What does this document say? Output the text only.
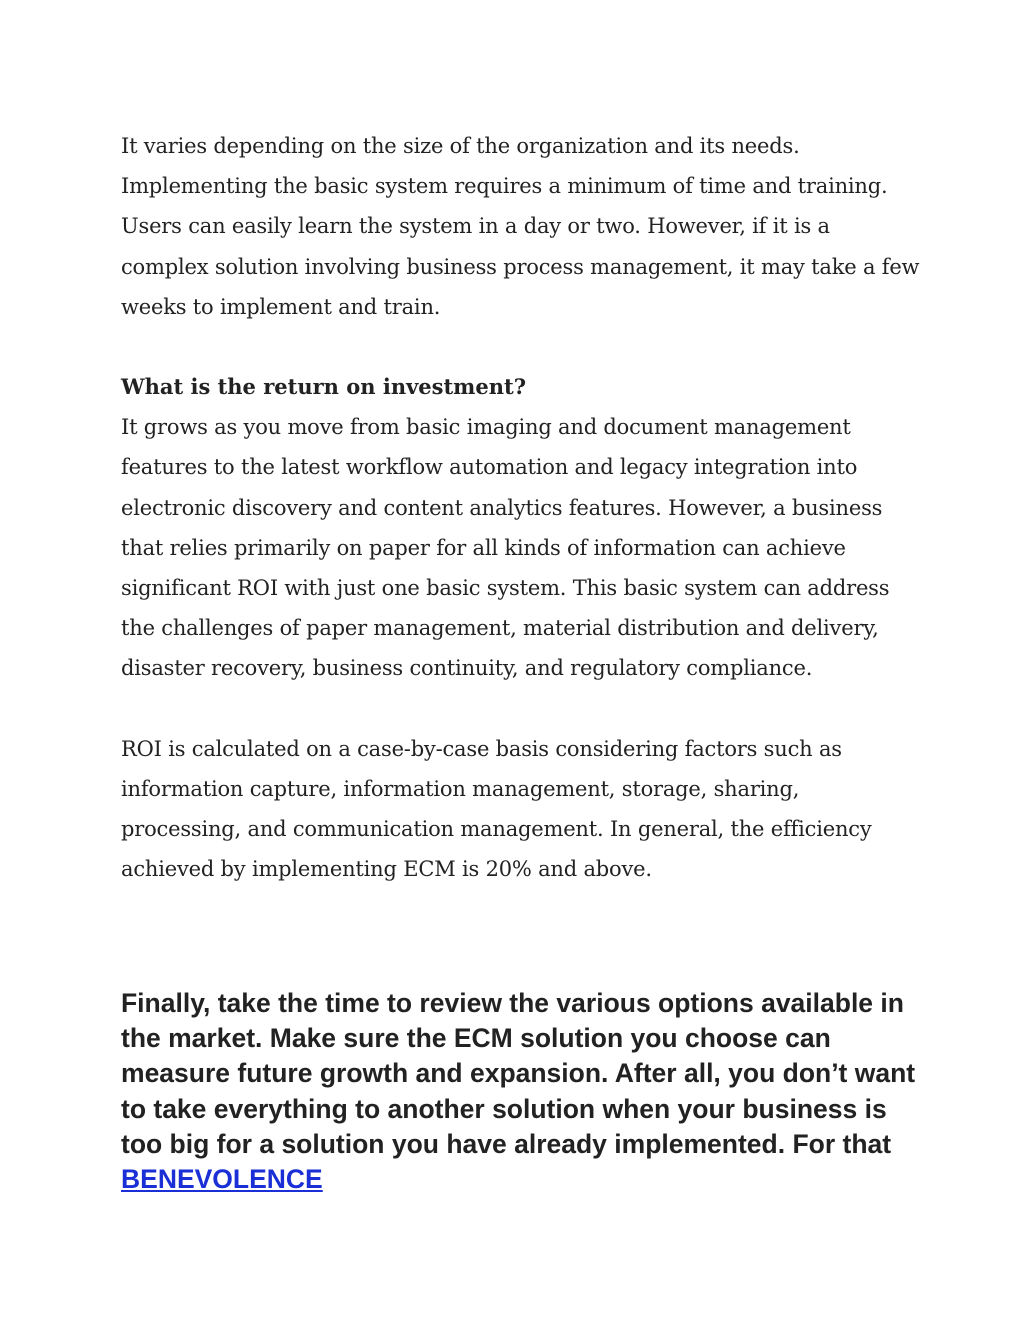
It varies depending on the size of the organization and its needs. Implementing the basic system requires a minimum of time and training. Users can easily learn the system in a day or two. However, if it is a complex solution involving business process management, it may take a few weeks to implement and train.

What is the return on investment?

It grows as you move from basic imaging and document management features to the latest workflow automation and legacy integration into electronic discovery and content analytics features. However, a business that relies primarily on paper for all kinds of information can achieve significant ROI with just one basic system. This basic system can address the challenges of paper management, material distribution and delivery, disaster recovery, business continuity, and regulatory compliance.

ROI is calculated on a case-by-case basis considering factors such as information capture, information management, storage, sharing, processing, and communication management. In general, the efficiency achieved by implementing ECM is 20% and above.

Finally, take the time to review the various options available in the market. Make sure the ECM solution you choose can measure future growth and expansion. After all, you don’t want to take everything to another solution when your business is too big for a solution you have already implemented. For that BENEVOLENCE
